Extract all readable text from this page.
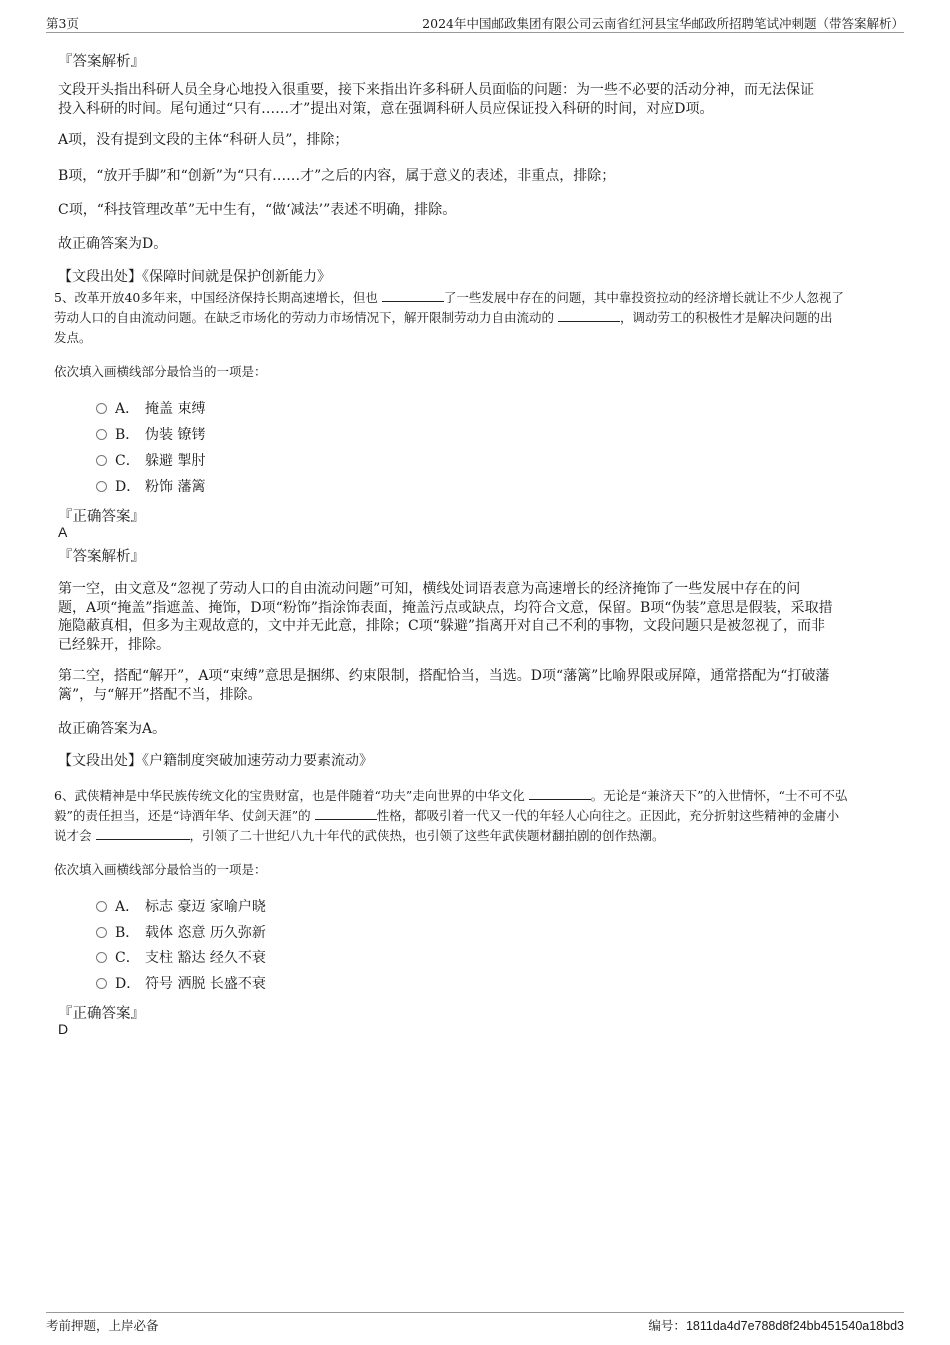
第3页	2024年中国邮政集团有限公司云南省红河县宝华邮政所招聘笔试冲刺题（带答案解析）
『答案解析』
文段开头指出科研人员全身心地投入很重要，接下来指出许多科研人员面临的问题：为一些不必要的活动分神，而无法保证
投入科研的时间。尾句通过“只有……才”提出对策，意在强调科研人员应保证投入科研的时间，对应D项。
A项，没有提到文段的主体“科研人员”，排除；
B项，“放开手脚”和“创新”为“只有……才”之后的内容，属于意义的表述，非重点，排除；
C项，“科技管理改革”无中生有，“做‘减法’”表述不明确，排除。
故正确答案为D。
【文段出处】《保障时间就是保护创新能力》
5、改革开放40多年来，中国经济保持长期高速增长，但也	了一些发展中存在的问题，其中靠投资拉动的经济增长就让不少人忽视了
劳动人口的自由流动问题。在缺乏市场化的劳动力市场情况下，解开限制劳动力自由流动的	，调动劳工的积极性才是解决问题的出
发点。
依次填入画横线部分最恰当的一项是：
A． 掩盖 束缚
B． 伪装 镣铐
C． 躲避 掣肘
D． 粉饰 藩篱
『正确答案』
A
『答案解析』
第一空，由文意及“忽视了劳动人口的自由流动问题”可知，横线处词语表意为高速增长的经济掩饰了一些发展中存在的问
题，A项“掩盖”指遮盖、掩饰，D项“粉饰”指涂饰表面，掩盖污点或缺点，均符合文意，保留。B项“伪装”意思是假装，采取措
施隐蔽真相，但多为主观故意的，文中并无此意，排除；C项“躲避”指离开对自己不利的事物，文段问题只是被忽视了，而非
已经躲开，排除。
第二空，搭配“解开”，A项“束缚”意思是捆绑、约束限制，搭配恰当，当选。D项“藩篱”比喻界限或屏障，通常搭配为“打破藩
篱”，与“解开”搭配不当，排除。
故正确答案为A。
【文段出处】《户籍制度突破加速劳动力要素流动》
6、武侠精神是中华民族传统文化的宝贵财富，也是伴随着“功夫”走向世界的中华文化	。无论是“兼济天下”的入世情怀，“士不可不弘
毅”的责任担当，还是“诗酒年华、仗剑天涯”的	性格，都吸引着一代又一代的年轻人心向往之。正因此，充分折射这些精神的金庸小
说才会	，引领了二十世纪八九十年代的武侠热，也引领了这些年武侠题材翻拍剧的创作热潮。
依次填入画横线部分最恰当的一项是：
A． 标志 豪迈 家喻户晓
B． 载体 恣意 历久弥新
C． 支柱 豁达 经久不衰
D． 符号 洒脱 长盛不衰
『正确答案』
D
考前押题，上岸必备	编号：1811da4d7e788d8f24bb451540a18bd3
